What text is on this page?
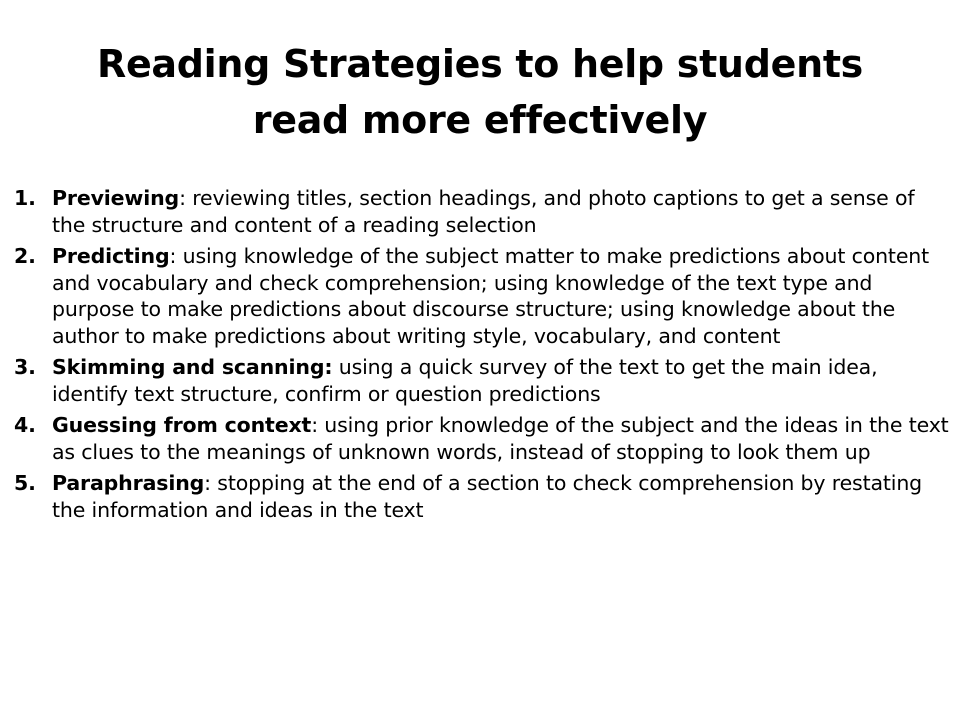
Reading Strategies to help students
read more effectively
1. Previewing: reviewing titles, section headings, and photo captions to get a sense of the structure and content of a reading selection
2. Predicting: using knowledge of the subject matter to make predictions about content and vocabulary and check comprehension; using knowledge of the text type and purpose to make predictions about discourse structure; using knowledge about the author to make predictions about writing style, vocabulary, and content
3. Skimming and scanning: using a quick survey of the text to get the main idea, identify text structure, confirm or question predictions
4. Guessing from context: using prior knowledge of the subject and the ideas in the text as clues to the meanings of unknown words, instead of stopping to look them up
5. Paraphrasing: stopping at the end of a section to check comprehension by restating the information and ideas in the text
